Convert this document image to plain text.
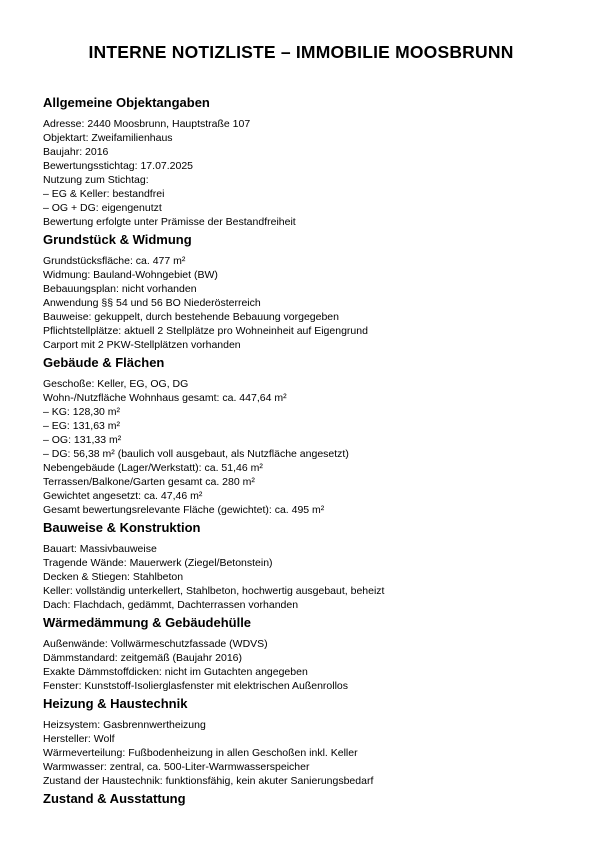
INTERNE NOTIZLISTE – IMMOBILIE MOOSBRUNN
Allgemeine Objektangaben

Adresse: 2440 Moosbrunn, Hauptstraße 107

Objektart: Zweifamilienhaus

Baujahr: 2016

Bewertungsstichtag: 17.07.2025

Nutzung zum Stichtag:

– EG & Keller: bestandfrei

– OG + DG: eigengenutzt

Bewertung erfolgte unter Prämisse der Bestandfreiheit

Grundstück & Widmung

Grundstücksfläche: ca. 477 m²

Widmung: Bauland-Wohngebiet (BW)

Bebauungsplan: nicht vorhanden

Anwendung §§ 54 und 56 BO Niederösterreich

Bauweise: gekuppelt, durch bestehende Bebauung vorgegeben

Pflichtstellplätze: aktuell 2 Stellplätze pro Wohneinheit auf Eigengrund

Carport mit 2 PKW-Stellplätzen vorhanden

Gebäude & Flächen

Geschoße: Keller, EG, OG, DG

Wohn-/Nutzfläche Wohnhaus gesamt: ca. 447,64 m²

– KG: 128,30 m²

– EG: 131,63 m²

– OG: 131,33 m²

– DG: 56,38 m² (baulich voll ausgebaut, als Nutzfläche angesetzt)

Nebengebäude (Lager/Werkstatt): ca. 51,46 m²

Terrassen/Balkone/Garten gesamt ca. 280 m²

Gewichtet angesetzt: ca. 47,46 m²

Gesamt bewertungsrelevante Fläche (gewichtet): ca. 495 m²

Bauweise & Konstruktion

Bauart: Massivbauweise

Tragende Wände: Mauerwerk (Ziegel/Betonstein)

Decken & Stiegen: Stahlbeton

Keller: vollständig unterkellert, Stahlbeton, hochwertig ausgebaut, beheizt

Dach: Flachdach, gedämmt, Dachterrassen vorhanden

Wärmedämmung & Gebäudehülle

Außenwände: Vollwärmeschutzfassade (WDVS)

Dämmstandard: zeitgemäß (Baujahr 2016)

Exakte Dämmstoffdicken: nicht im Gutachten angegeben

Fenster: Kunststoff-Isolierglasfenster mit elektrischen Außenrollos

Heizung & Haustechnik

Heizsystem: Gasbrennwertheizung

Hersteller: Wolf

Wärmeverteilung: Fußbodenheizung in allen Geschoßen inkl. Keller

Warmwasser: zentral, ca. 500-Liter-Warmwasserspeicher

Zustand der Haustechnik: funktionsfähig, kein akuter Sanierungsbedarf

Zustand & Ausstattung
